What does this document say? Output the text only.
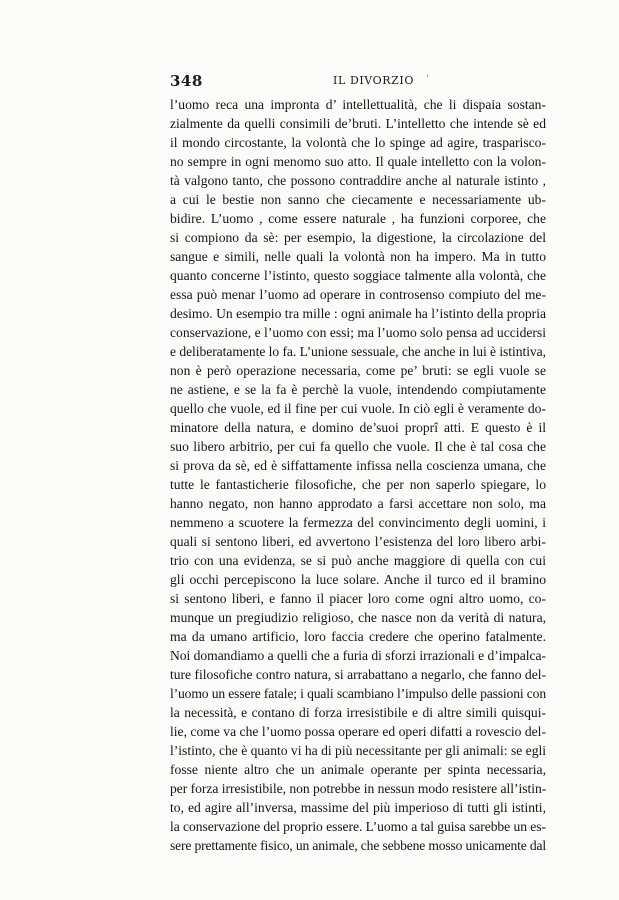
348	IL DIVORZIO ‘
l’uomo reca una impronta d’ intellettualità, che li dispaia sostan-
zialmente da quelli consimili de’bruti. L’intelletto che intende sè ed
il mondo circostante, la volontà che lo spinge ad agire, traspariscо-
no sempre in ogni menomo suo atto. Il quale intelletto con la volon-
tà valgono tanto, che possono contraddire anche al naturale istinto ,
a cui le bestie non sanno che ciecamente e necessariamente ub-
bidire. L’uomo , come essere naturale , ha funzioni corporee, che
si compiono da sè: per esempio, la digestione, la circolazione del
sangue e simili, nelle quali la volontà non ha impero. Ma in tutto
quanto concerne l’istinto, questo soggiace talmente alla volontà, che
essa può menar l’uomo ad operare in controsenso compiuto del me-
desimo. Un esempio tra mille : ogni animale ha l’istinto della propria
conservazione, e l’uomo con essi; ma l’uomo solo pensa ad uccidersi
e deliberatamente lo fa. L’unione sessuale, che anche in lui è istintiva,
non è però operazione necessaria, come pe’ bruti: se egli vuole se
ne astiene, e se la fa è perchè la vuole, intendendo compiutamente
quello che vuole, ed il fine per cui vuole. In ciò egli è veramente do-
minatore della natura, e domino de’suoi proprî atti. E questo è il
suo libero arbitrio, per cui fa quello che vuole. Il che è tal cosa che
si prova da sè, ed è siffattamente infissa nella coscienza umana, che
tutte le fantasticherie filosofiche, che per non saperlo spiegare, lo
hanno negato, non hanno approdato a farsi accettare non solo, ma
nemmeno a scuotere la fermezza del convincimento degli uomini, i
quali si sentono liberi, ed avvertono l’esistenza del loro libero arbi-
trio con una evidenza, se si può anche maggiore di quella con cui
gli occhi percepiscono la luce solare. Anche il turco ed il bramino
si sentono liberi, e fanno il piacer loro come ogni altro uomo, co-
munque un pregiudizio religioso, che nasce non da verità di natura,
ma da umano artificio, loro faccia credere che operino fatalmente.
Noi domandiamo a quelli che a furia di sforzi irrazionali e d’impalca-
ture filosofiche contro natura, si arrabattano a negarlo, che fanno del-
l’uomo un essere fatale; i quali scambiano l’impulso delle passioni con
la necessità, e contano di forza irresistibile e di altre simili quisqui-
lie, come va che l’uomo possa operare ed operi difatti a rovescio del-
l’istinto, che è quanto vi ha di più necessitante per gli animali: se egli
fosse niente altro che un animale operante per spinta necessaria,
per forza irresistibile, non potrebbe in nessun modo resistere all’istin-
to, ed agire all’inversa, massime del più imperioso di tutti gli istinti,
la conservazione del proprio essere. L’uomo a tal guisa sarebbe un es-
sere prettamente fisico, un animale, che sebbene mosso unicamente dal
